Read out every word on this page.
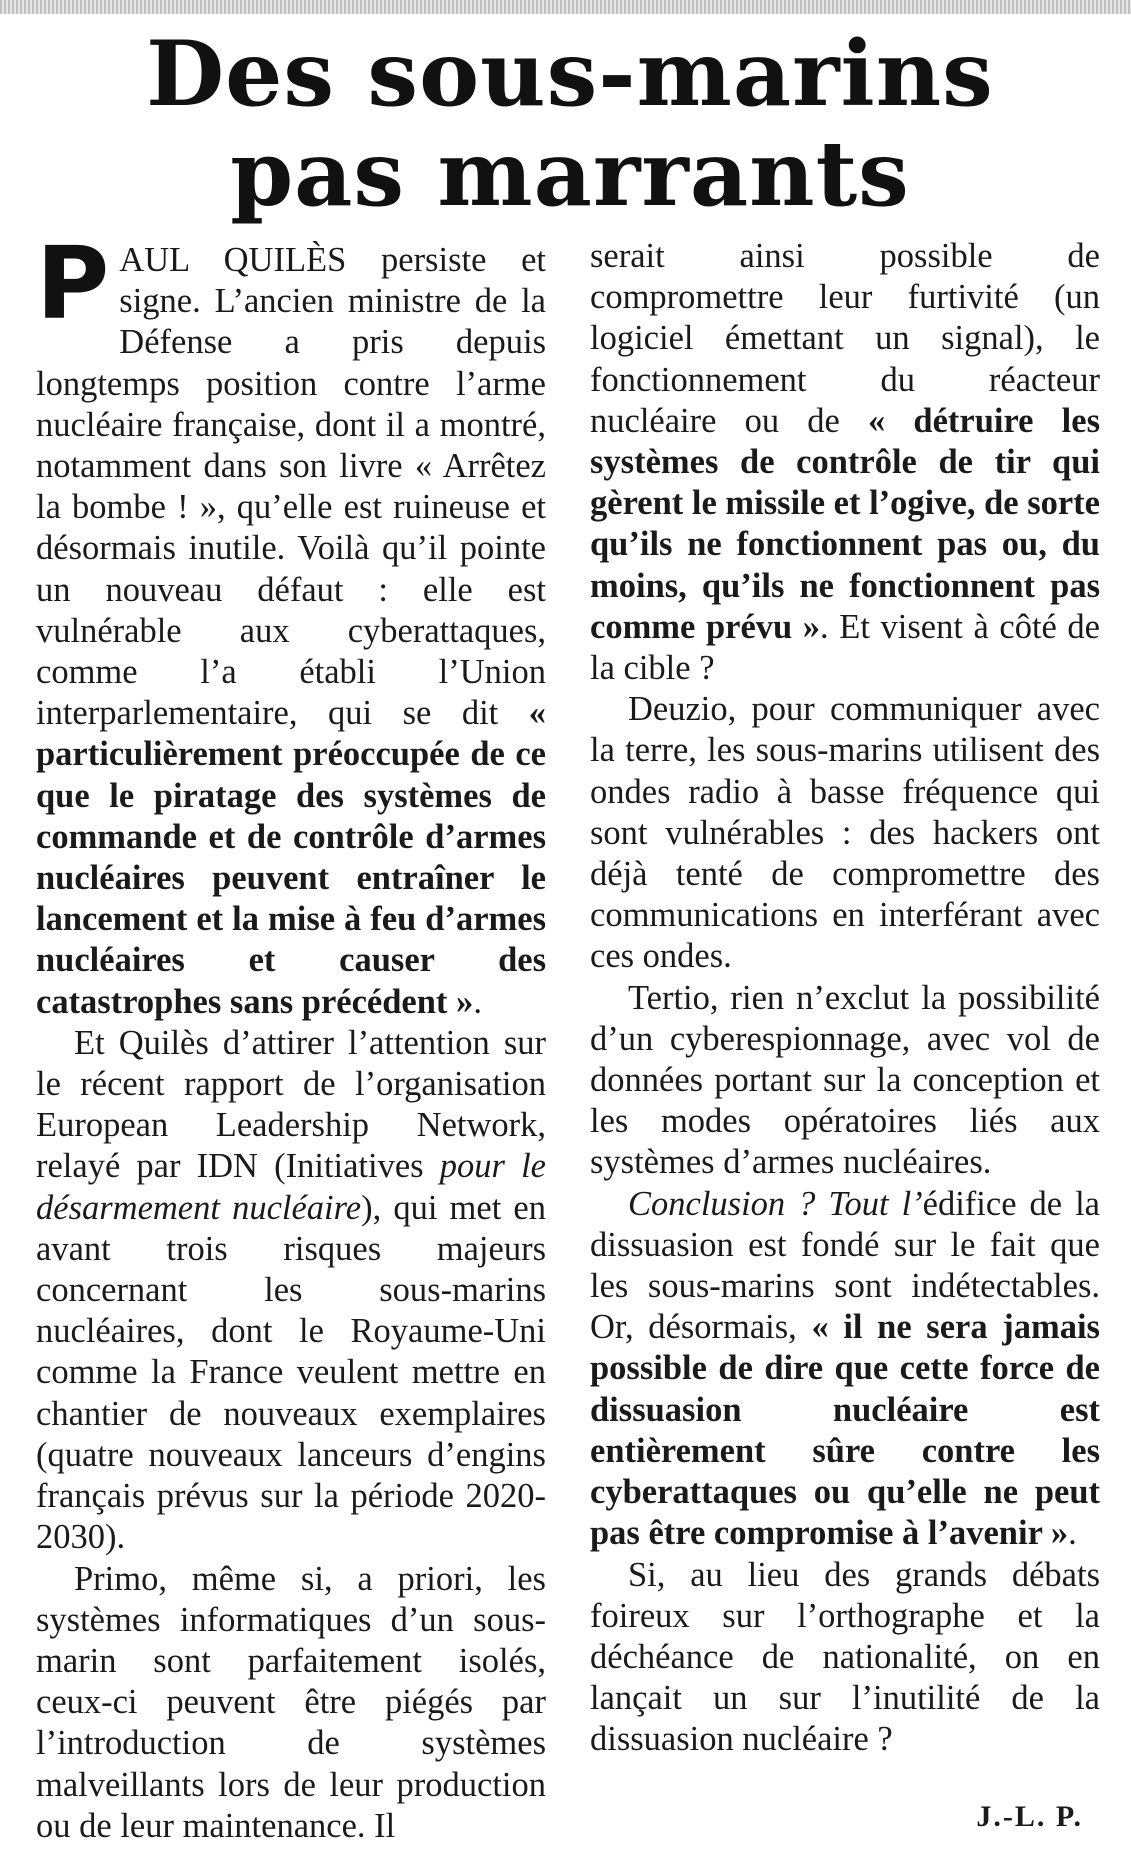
Des sous-marins
pas marrants

PAUL QUILÈS persiste et signe. L’ancien ministre de la Défense a pris depuis longtemps position contre l’arme nucléaire française, dont il a montré, notamment dans son livre « Arrêtez la bombe ! », qu’elle est ruineuse et désormais inutile. Voilà qu’il pointe un nouveau défaut : elle est vulnérable aux cyberattaques, comme l’a établi l’Union interparlementaire, qui se dit « particulièrement préoccupée de ce que le piratage des systèmes de commande et de contrôle d’armes nucléaires peuvent entraîner le lancement et la mise à feu d’armes nucléaires et causer des catastrophes sans précédent ».

Et Quilès d’attirer l’attention sur le récent rapport de l’organisation European Leadership Network, relayé par IDN (Initiatives pour le désarmement nucléaire), qui met en avant trois risques majeurs concernant les sous-marins nucléaires, dont le Royaume-Uni comme la France veulent mettre en chantier de nouveaux exemplaires (quatre nouveaux lanceurs d’engins français prévus sur la période 2020-2030).

Primo, même si, a priori, les systèmes informatiques d’un sous-marin sont parfaitement isolés, ceux-ci peuvent être piégés par l’introduction de systèmes malveillants lors de leur production ou de leur maintenance. Il

serait ainsi possible de compromettre leur furtivité (un logiciel émettant un signal), le fonctionnement du réacteur nucléaire ou de « détruire les systèmes de contrôle de tir qui gèrent le missile et l’ogive, de sorte qu’ils ne fonctionnent pas ou, du moins, qu’ils ne fonctionnent pas comme prévu ». Et visent à côté de la cible ?

Deuzio, pour communiquer avec la terre, les sous-marins utilisent des ondes radio à basse fréquence qui sont vulnérables : des hackers ont déjà tenté de compromettre des communications en interférant avec ces ondes.

Tertio, rien n’exclut la possibilité d’un cyberespionnage, avec vol de données portant sur la conception et les modes opératoires liés aux systèmes d’armes nucléaires.

Conclusion ? Tout l’édifice de la dissuasion est fondé sur le fait que les sous-marins sont indétectables. Or, désormais, « il ne sera jamais possible de dire que cette force de dissuasion nucléaire est entièrement sûre contre les cyberattaques ou qu’elle ne peut pas être compromise à l’avenir ».

Si, au lieu des grands débats foireux sur l’orthographe et la déchéance de nationalité, on en lançait un sur l’inutilité de la dissuasion nucléaire ?

J.-L. P.
